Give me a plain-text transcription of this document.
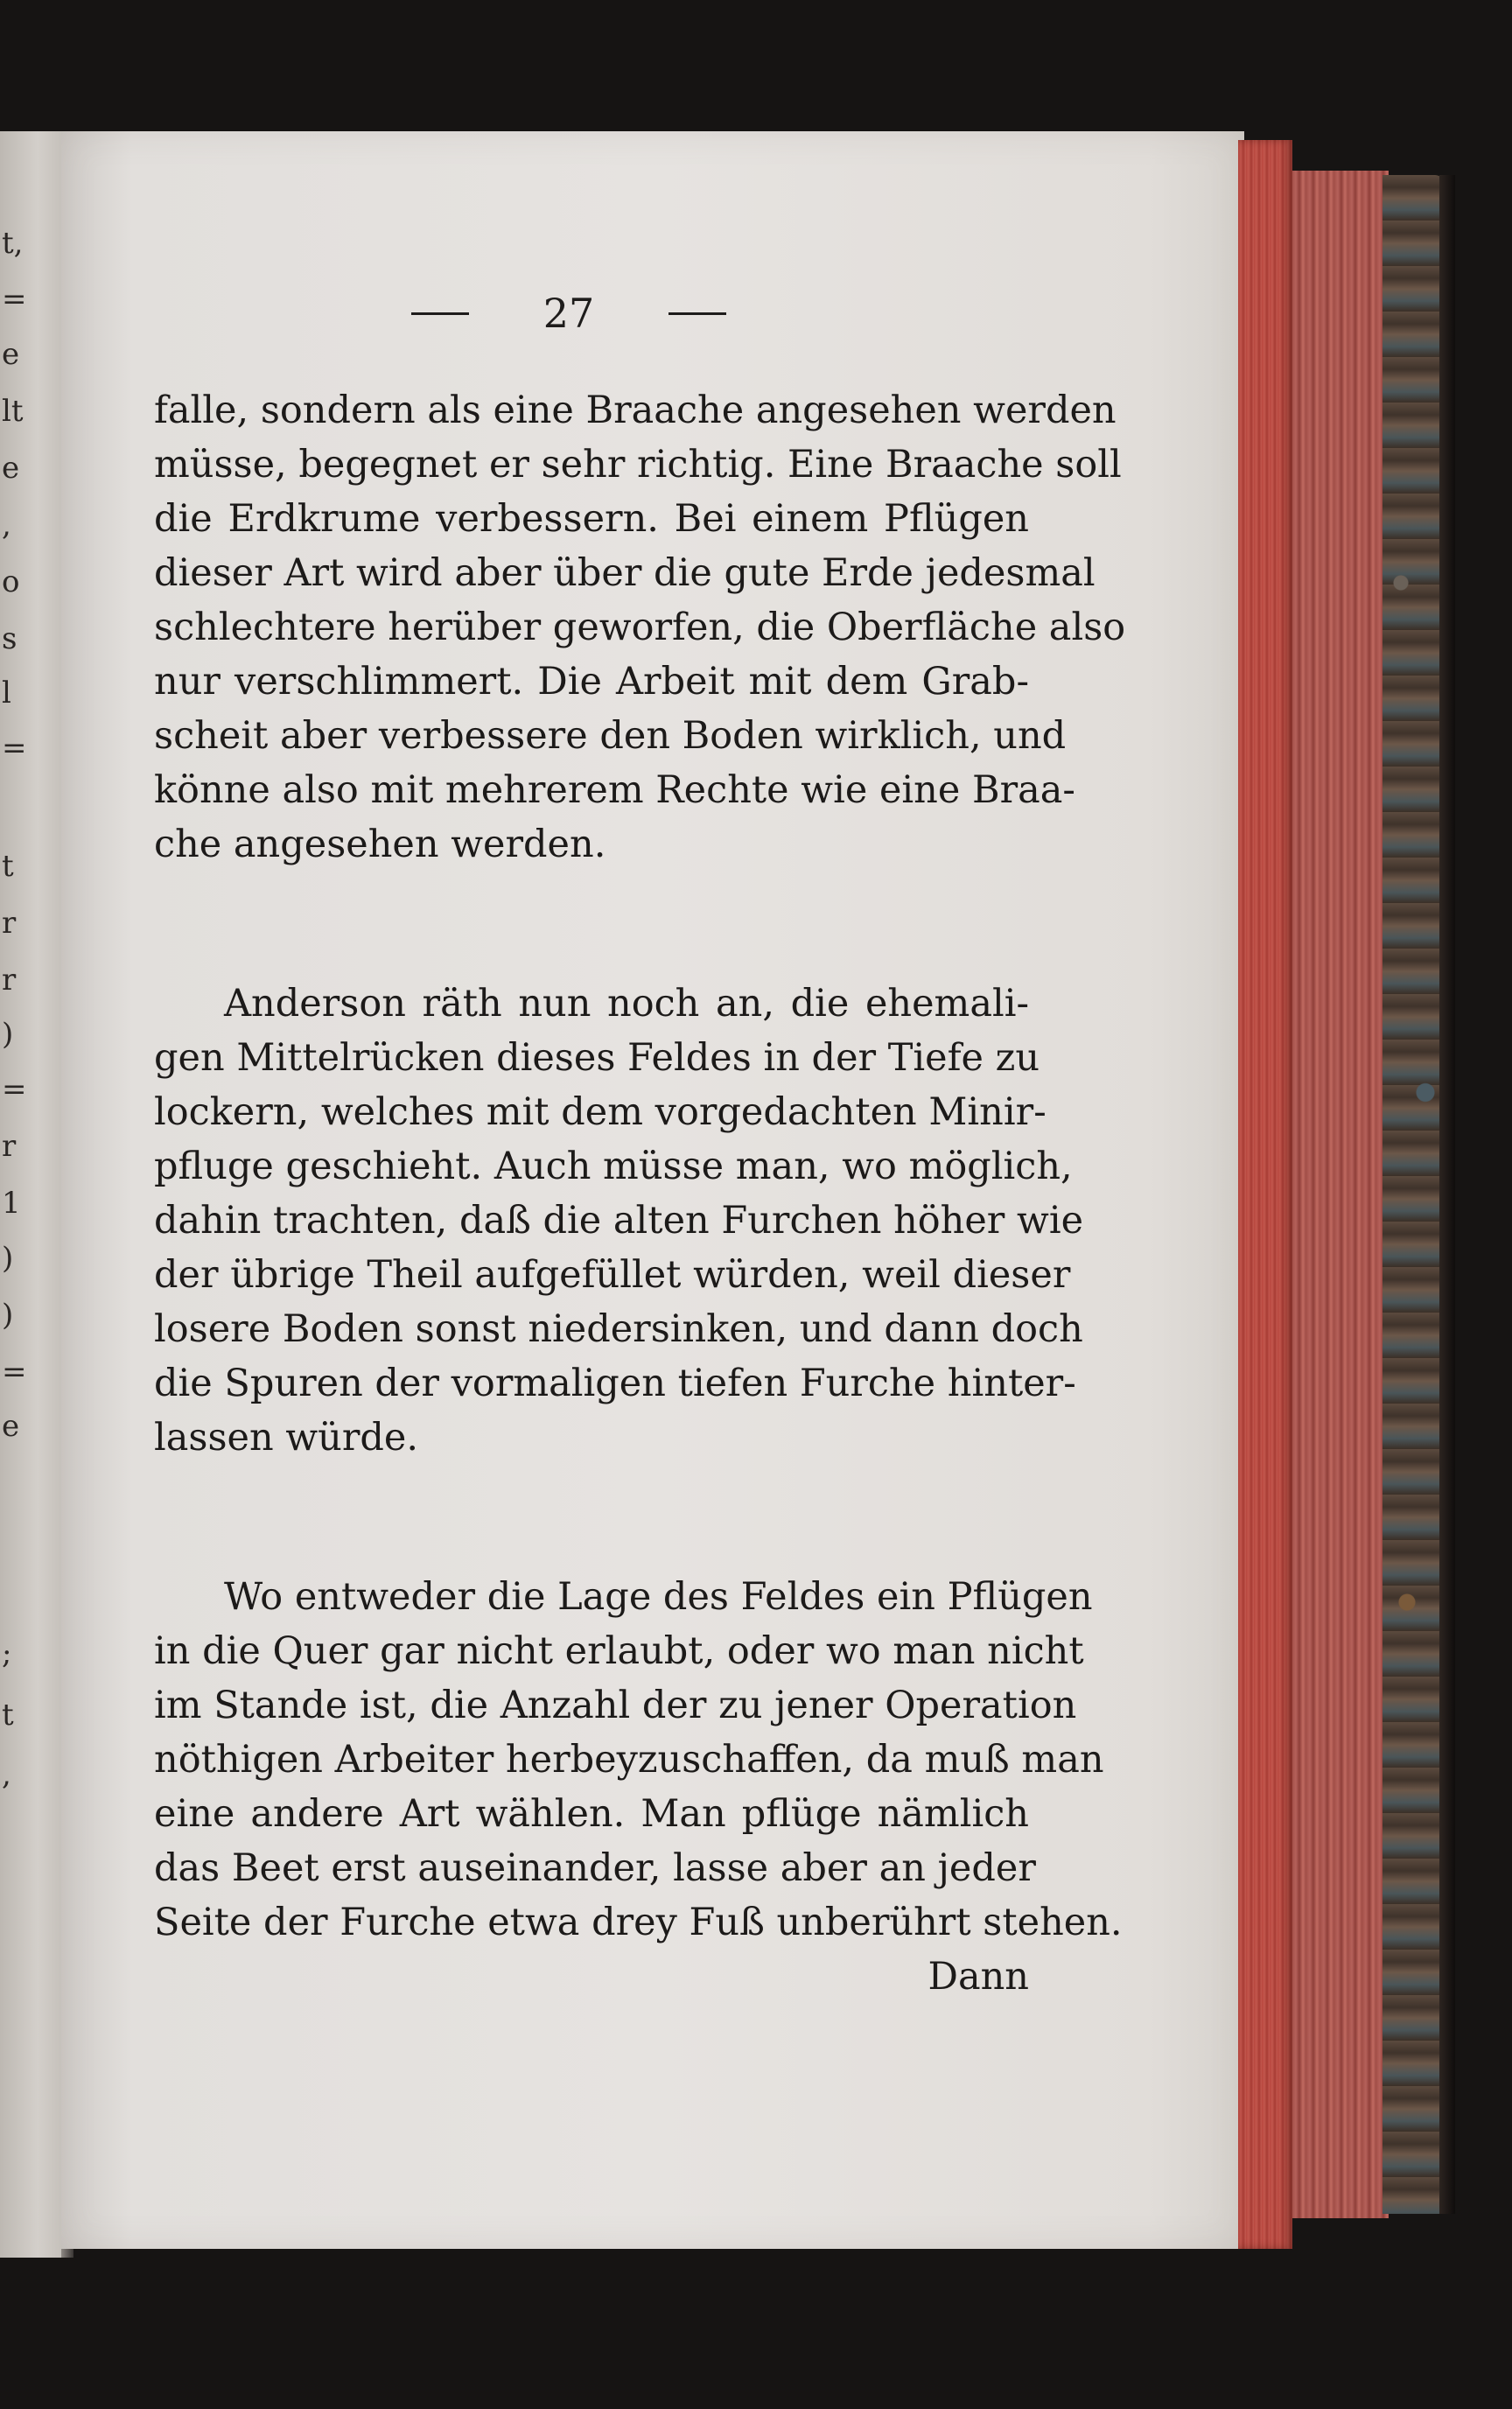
t,
=
e
lt
e
,
o
s
l
=
t
r
r
)
=
r
1
)
)
=
e
;
t
,
27
falle, sondern als eine Braache angesehen werden
müsse, begegnet er sehr richtig. Eine Braache soll
die Erdkrume verbessern. Bei einem Pflügen
dieser Art wird aber über die gute Erde jedesmal
schlechtere herüber geworfen, die Oberfläche also
nur verschlimmert. Die Arbeit mit dem Grab-
scheit aber verbessere den Boden wirklich, und
könne also mit mehrerem Rechte wie eine Braa-
che angesehen werden.
Anderson räth nun noch an, die ehemali-
gen Mittelrücken dieses Feldes in der Tiefe zu
lockern, welches mit dem vorgedachten Minir-
pfluge geschieht. Auch müsse man, wo möglich,
dahin trachten, daß die alten Furchen höher wie
der übrige Theil aufgefüllet würden, weil dieser
losere Boden sonst niedersinken, und dann doch
die Spuren der vormaligen tiefen Furche hinter-
lassen würde.
Wo entweder die Lage des Feldes ein Pflügen
in die Quer gar nicht erlaubt, oder wo man nicht
im Stande ist, die Anzahl der zu jener Operation
nöthigen Arbeiter herbeyzuschaffen, da muß man
eine andere Art wählen. Man pflüge nämlich
das Beet erst auseinander, lasse aber an jeder
Seite der Furche etwa drey Fuß unberührt stehen.
Dann
